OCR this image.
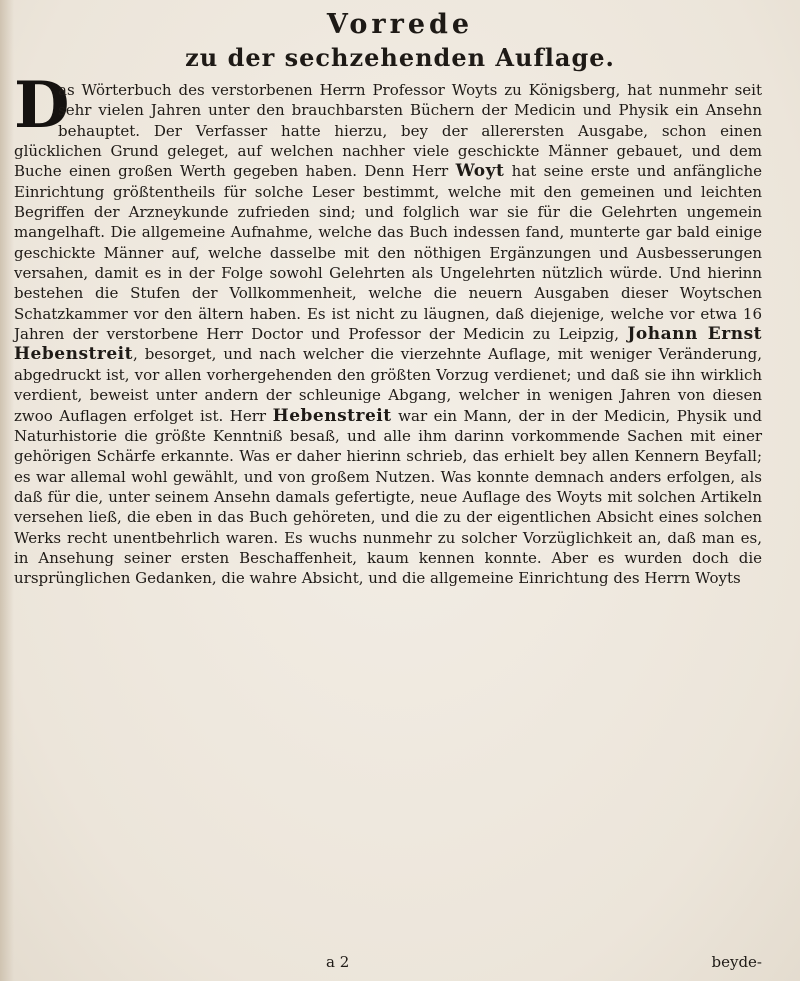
Vorrede
zu der sechzehenden Auflage.
D
as Wörterbuch des verstorbenen Herrn Professor Woyts zu Königsberg, hat nunmehr seit sehr vielen Jahren unter den brauchbarsten Büchern der Medicin und Physik ein Ansehn behauptet. Der Verfasser hatte hierzu, bey der allerersten Ausgabe, schon einen glücklichen Grund geleget, auf welchen nachher viele geschickte Männer gebauet, und dem Buche einen großen Werth gegeben haben. Denn Herr Woyt hat seine erste und anfängliche Einrichtung größtentheils für solche Leser bestimmt, welche mit den gemeinen und leichten Begriffen der Arzneykunde zufrieden sind; und folglich war sie für die Gelehrten ungemein mangelhaft. Die allgemeine Aufnahme, welche das Buch indessen fand, munterte gar bald einige geschickte Männer auf, welche dasselbe mit den nöthigen Ergänzungen und Ausbesserungen versahen, damit es in der Folge sowohl Gelehrten als Ungelehrten nützlich würde. Und hierinn bestehen die Stufen der Vollkommenheit, welche die neuern Ausgaben dieser Woytschen Schatzkammer vor den ältern haben. Es ist nicht zu läugnen, daß diejenige, welche vor etwa 16 Jahren der verstorbene Herr Doctor und Professor der Medicin zu Leipzig, Johann Ernst Hebenstreit, besorget, und nach welcher die vierzehnte Auflage, mit weniger Veränderung, abgedruckt ist, vor allen vorhergehenden den größten Vorzug verdienet; und daß sie ihn wirklich verdient, beweist unter andern der schleunige Abgang, welcher in wenigen Jahren von diesen zwoo Auflagen erfolget ist. Herr Hebenstreit war ein Mann, der in der Medicin, Physik und Naturhistorie die größte Kenntniß besaß, und alle ihm darinn vorkommende Sachen mit einer gehörigen Schärfe erkannte. Was er daher hierinn schrieb, das erhielt bey allen Kennern Beyfall; es war allemal wohl gewählt, und von großem Nutzen. Was konnte demnach anders erfolgen, als daß für die, unter seinem Ansehn damals gefertigte, neue Auflage des Woyts mit solchen Artikeln versehen ließ, die eben in das Buch gehöreten, und die zu der eigentlichen Absicht eines solchen Werks recht unentbehrlich waren. Es wuchs nunmehr zu solcher Vorzüglichkeit an, daß man es, in Ansehung seiner ersten Beschaffenheit, kaum kennen konnte. Aber es wurden doch die ursprünglichen Gedanken, die wahre Absicht, und die allgemeine Einrichtung des Herrn Woyts
a 2	beyde-
